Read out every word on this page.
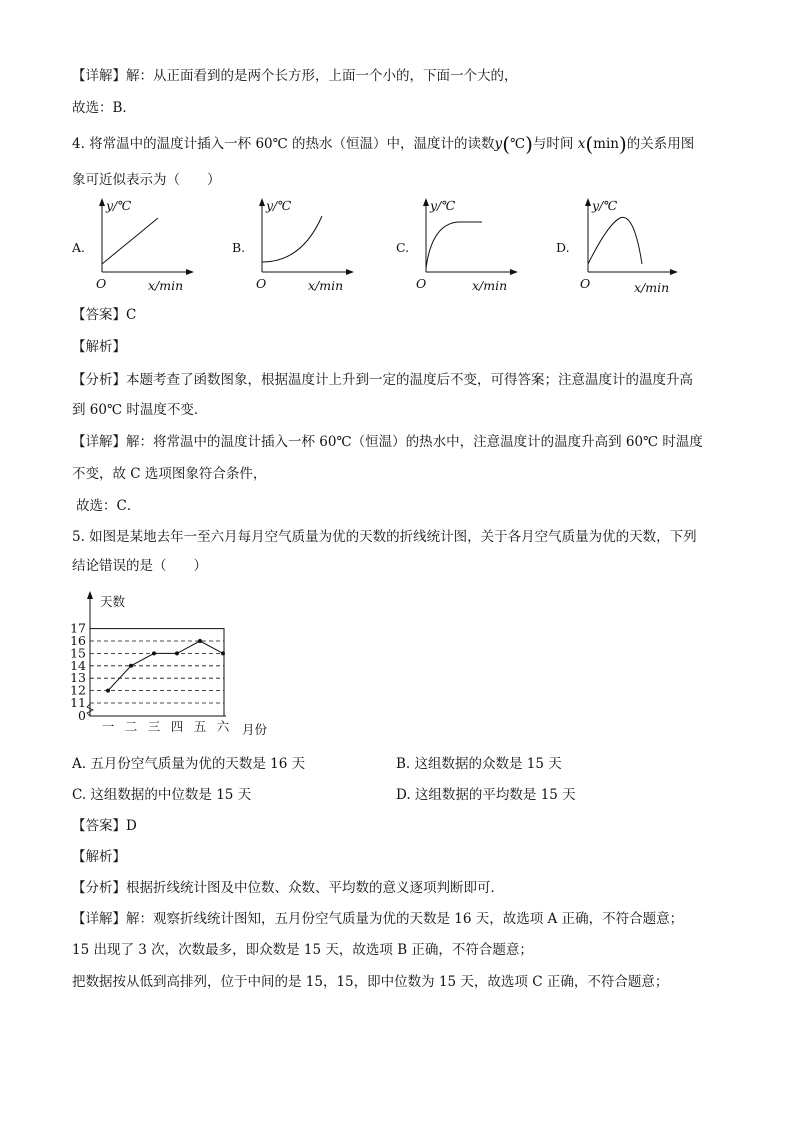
【详解】解：从正面看到的是两个长方形，上面一个小的，下面一个大的，
故选：B．
4. 将常温中的温度计插入一杯 60℃ 的热水（恒温）中，温度计的读数y(℃)与时间 x(min)的关系用图
象可近似表示为（　　）
A.
y/℃
x/min
O
B.
y/℃
x/min
O
C.
y/℃
x/min
O
D.
y/℃
x/min
O
【答案】C
【解析】
【分析】本题考查了函数图象，根据温度计上升到一定的温度后不变，可得答案；注意温度计的温度升高
到 60℃ 时温度不变．
【详解】解：将常温中的温度计插入一杯 60℃（恒温）的热水中，注意温度计的温度升高到 60℃ 时温度
不变，故 C 选项图象符合条件，
故选：C．
5. 如图是某地去年一至六月每月空气质量为优的天数的折线统计图，关于各月空气质量为优的天数，下列
结论错误的是（　　）
0
11
12
13
14
15
16
17
一 二 三 四 五 六
天数
月份
A. 五月份空气质量为优的天数是 16 天	B. 这组数据的众数是 15 天
C. 这组数据的中位数是 15 天	D. 这组数据的平均数是 15 天
【答案】D
【解析】
【分析】根据折线统计图及中位数、众数、平均数的意义逐项判断即可．
【详解】解：观察折线统计图知，五月份空气质量为优的天数是 16 天，故选项 A 正确，不符合题意；
15 出现了 3 次，次数最多，即众数是 15 天，故选项 B 正确，不符合题意；
把数据按从低到高排列，位于中间的是 15，15，即中位数为 15 天，故选项 C 正确，不符合题意；
